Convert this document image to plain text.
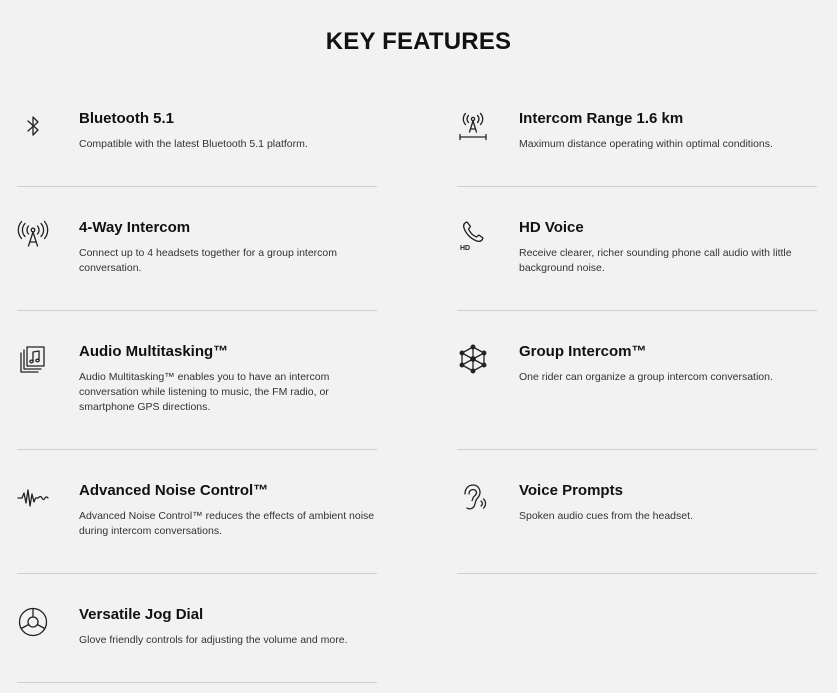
KEY FEATURES
Bluetooth 5.1
Compatible with the latest Bluetooth 5.1 platform.
Intercom Range 1.6 km
Maximum distance operating within optimal conditions.
4-Way Intercom
Connect up to 4 headsets together for a group intercom conversation.
HD
HD Voice
Receive clearer, richer sounding phone call audio with little background noise.
Audio Multitasking™
Audio Multitasking™ enables you to have an intercom conversation while listening to music, the FM radio, or smartphone GPS directions.
Group Intercom™
One rider can organize a group intercom conversation.
Advanced Noise Control™
Advanced Noise Control™ reduces the effects of ambient noise during intercom conversations.
Voice Prompts
Spoken audio cues from the headset.
Versatile Jog Dial
Glove friendly controls for adjusting the volume and more.
